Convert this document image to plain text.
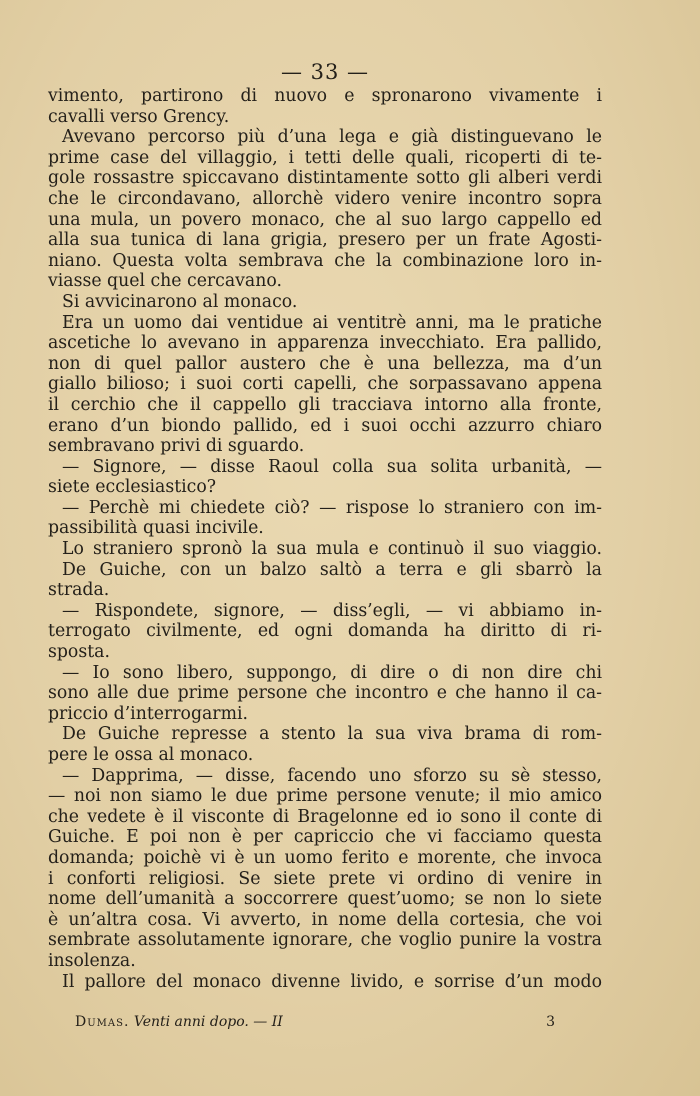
— 33 —
vimento, partirono di nuovo e spronarono vivamente i
cavalli verso Grency.
Avevano percorso più d’una lega e già distinguevano le
prime case del villaggio, i tetti delle quali, ricoperti di te-
gole rossastre spiccavano distintamente sotto gli alberi verdi
che le circondavano, allorchè videro venire incontro sopra
una mula, un povero monaco, che al suo largo cappello ed
alla sua tunica di lana grigia, presero per un frate Agosti-
niano. Questa volta sembrava che la combinazione loro in-
viasse quel che cercavano.
Si avvicinarono al monaco.
Era un uomo dai ventidue ai ventitrè anni, ma le pratiche
ascetiche lo avevano in apparenza invecchiato. Era pallido,
non di quel pallor austero che è una bellezza, ma d’un
giallo bilioso; i suoi corti capelli, che sorpassavano appena
il cerchio che il cappello gli tracciava intorno alla fronte,
erano d’un biondo pallido, ed i suoi occhi azzurro chiaro
sembravano privi di sguardo.
— Signore, — disse Raoul colla sua solita urbanità, —
siete ecclesiastico?
— Perchè mi chiedete ciò? — rispose lo straniero con im-
passibilità quasi incivile.
Lo straniero spronò la sua mula e continuò il suo viaggio.
De Guiche, con un balzo saltò a terra e gli sbarrò la
strada.
— Rispondete, signore, — diss’egli, — vi abbiamo in-
terrogato civilmente, ed ogni domanda ha diritto di ri-
sposta.
— Io sono libero, suppongo, di dire o di non dire chi
sono alle due prime persone che incontro e che hanno il ca-
priccio d’interrogarmi.
De Guiche represse a stento la sua viva brama di rom-
pere le ossa al monaco.
— Dapprima, — disse, facendo uno sforzo su sè stesso,
— noi non siamo le due prime persone venute; il mio amico
che vedete è il visconte di Bragelonne ed io sono il conte di
Guiche. E poi non è per capriccio che vi facciamo questa
domanda; poichè vi è un uomo ferito e morente, che invoca
i conforti religiosi. Se siete prete vi ordino di venire in
nome dell’umanità a soccorrere quest’uomo; se non lo siete
è un’altra cosa. Vi avverto, in nome della cortesia, che voi
sembrate assolutamente ignorare, che voglio punire la vostra
insolenza.
Il pallore del monaco divenne livido, e sorrise d’un modo
Dumas. Venti anni dopo. — II	3
